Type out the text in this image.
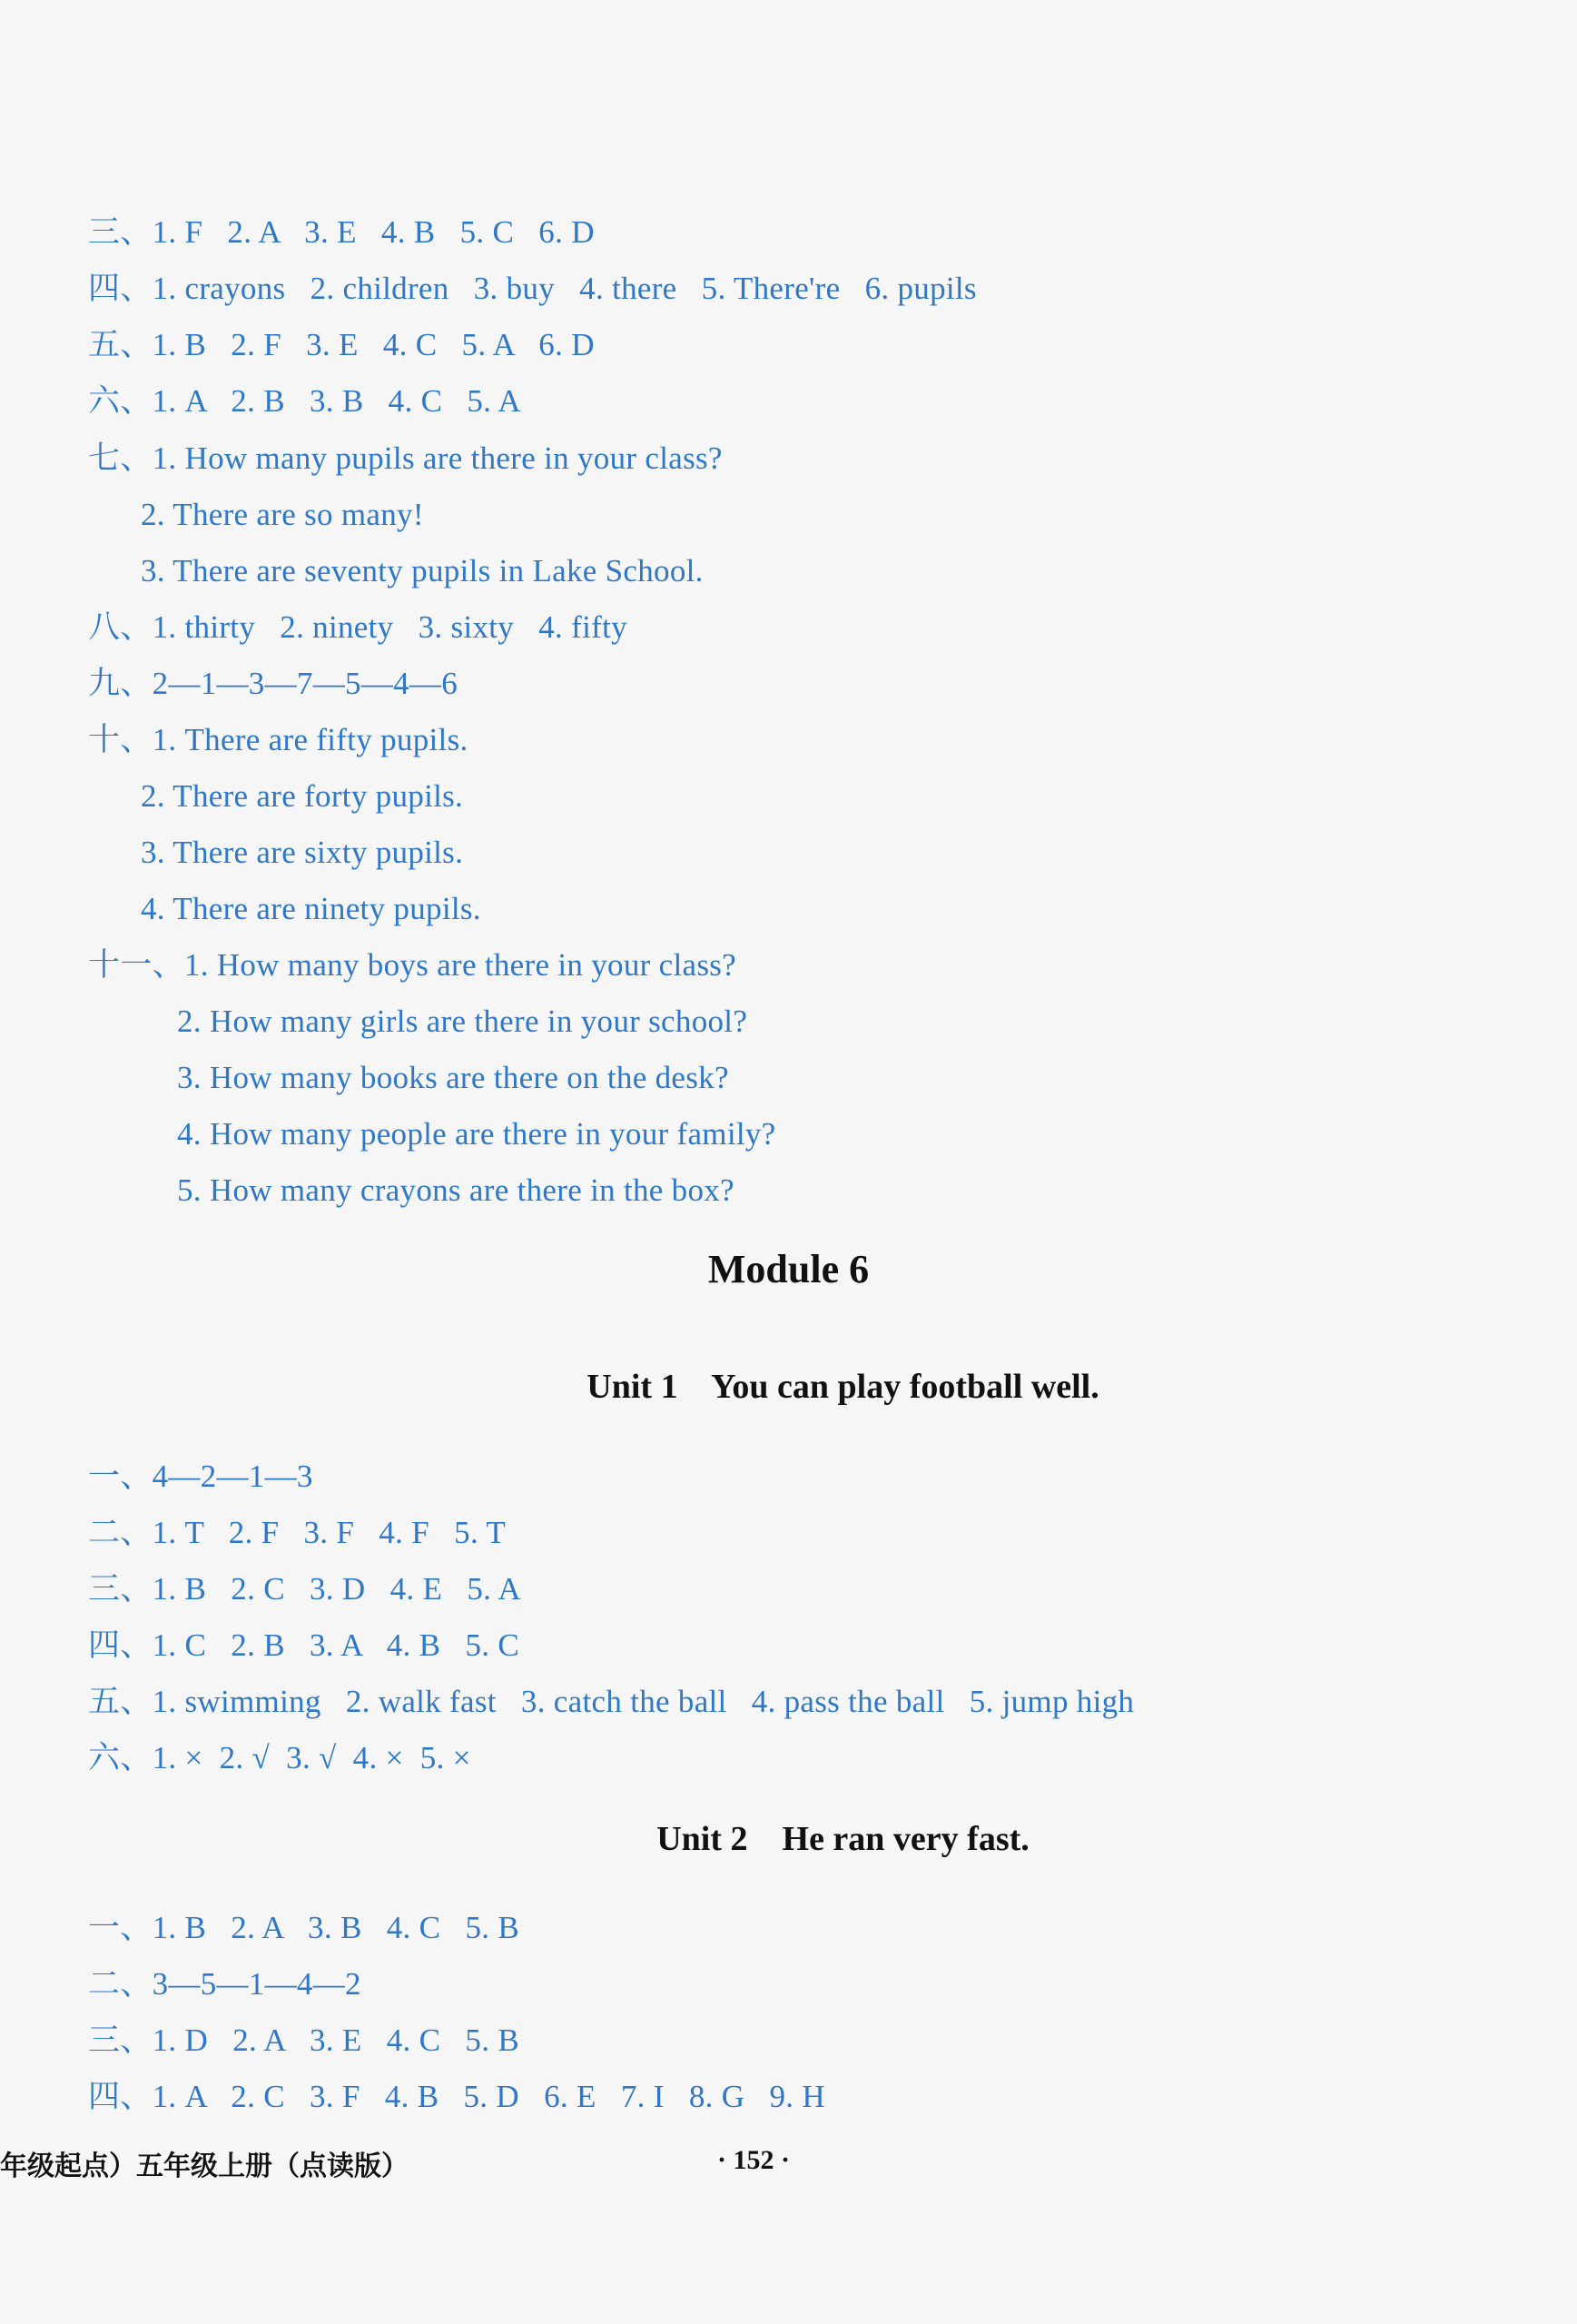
三、1. F   2. A   3. E   4. B   5. C   6. D
四、1. crayons   2. children   3. buy   4. there   5. There're   6. pupils
五、1. B   2. F   3. E   4. C   5. A   6. D
六、1. A   2. B   3. B   4. C   5. A
七、1. How many pupils are there in your class?
2. There are so many!
3. There are seventy pupils in Lake School.
八、1. thirty   2. ninety   3. sixty   4. fifty
九、2—1—3—7—5—4—6
十、1. There are fifty pupils.
2. There are forty pupils.
3. There are sixty pupils.
4. There are ninety pupils.
十一、1. How many boys are there in your class?
2. How many girls are there in your school?
3. How many books are there on the desk?
4. How many people are there in your family?
5. How many crayons are there in the box?
Module 6
Unit 1    You can play football well.
一、4—2—1—3
二、1. T   2. F   3. F   4. F   5. T
三、1. B   2. C   3. D   4. E   5. A
四、1. C   2. B   3. A   4. B   5. C
五、1. swimming   2. walk fast   3. catch the ball   4. pass the ball   5. jump high
六、1. ×  2. √  3. √  4. ×  5. ×
Unit 2    He ran very fast.
一、1. B   2. A   3. B   4. C   5. B
二、3—5—1—4—2
三、1. D   2. A   3. E   4. C   5. B
四、1. A   2. C   3. F   4. B   5. D   6. E   7. I   8. G   9. H
年级起点）五年级上册（点读版）	· 152 ·
